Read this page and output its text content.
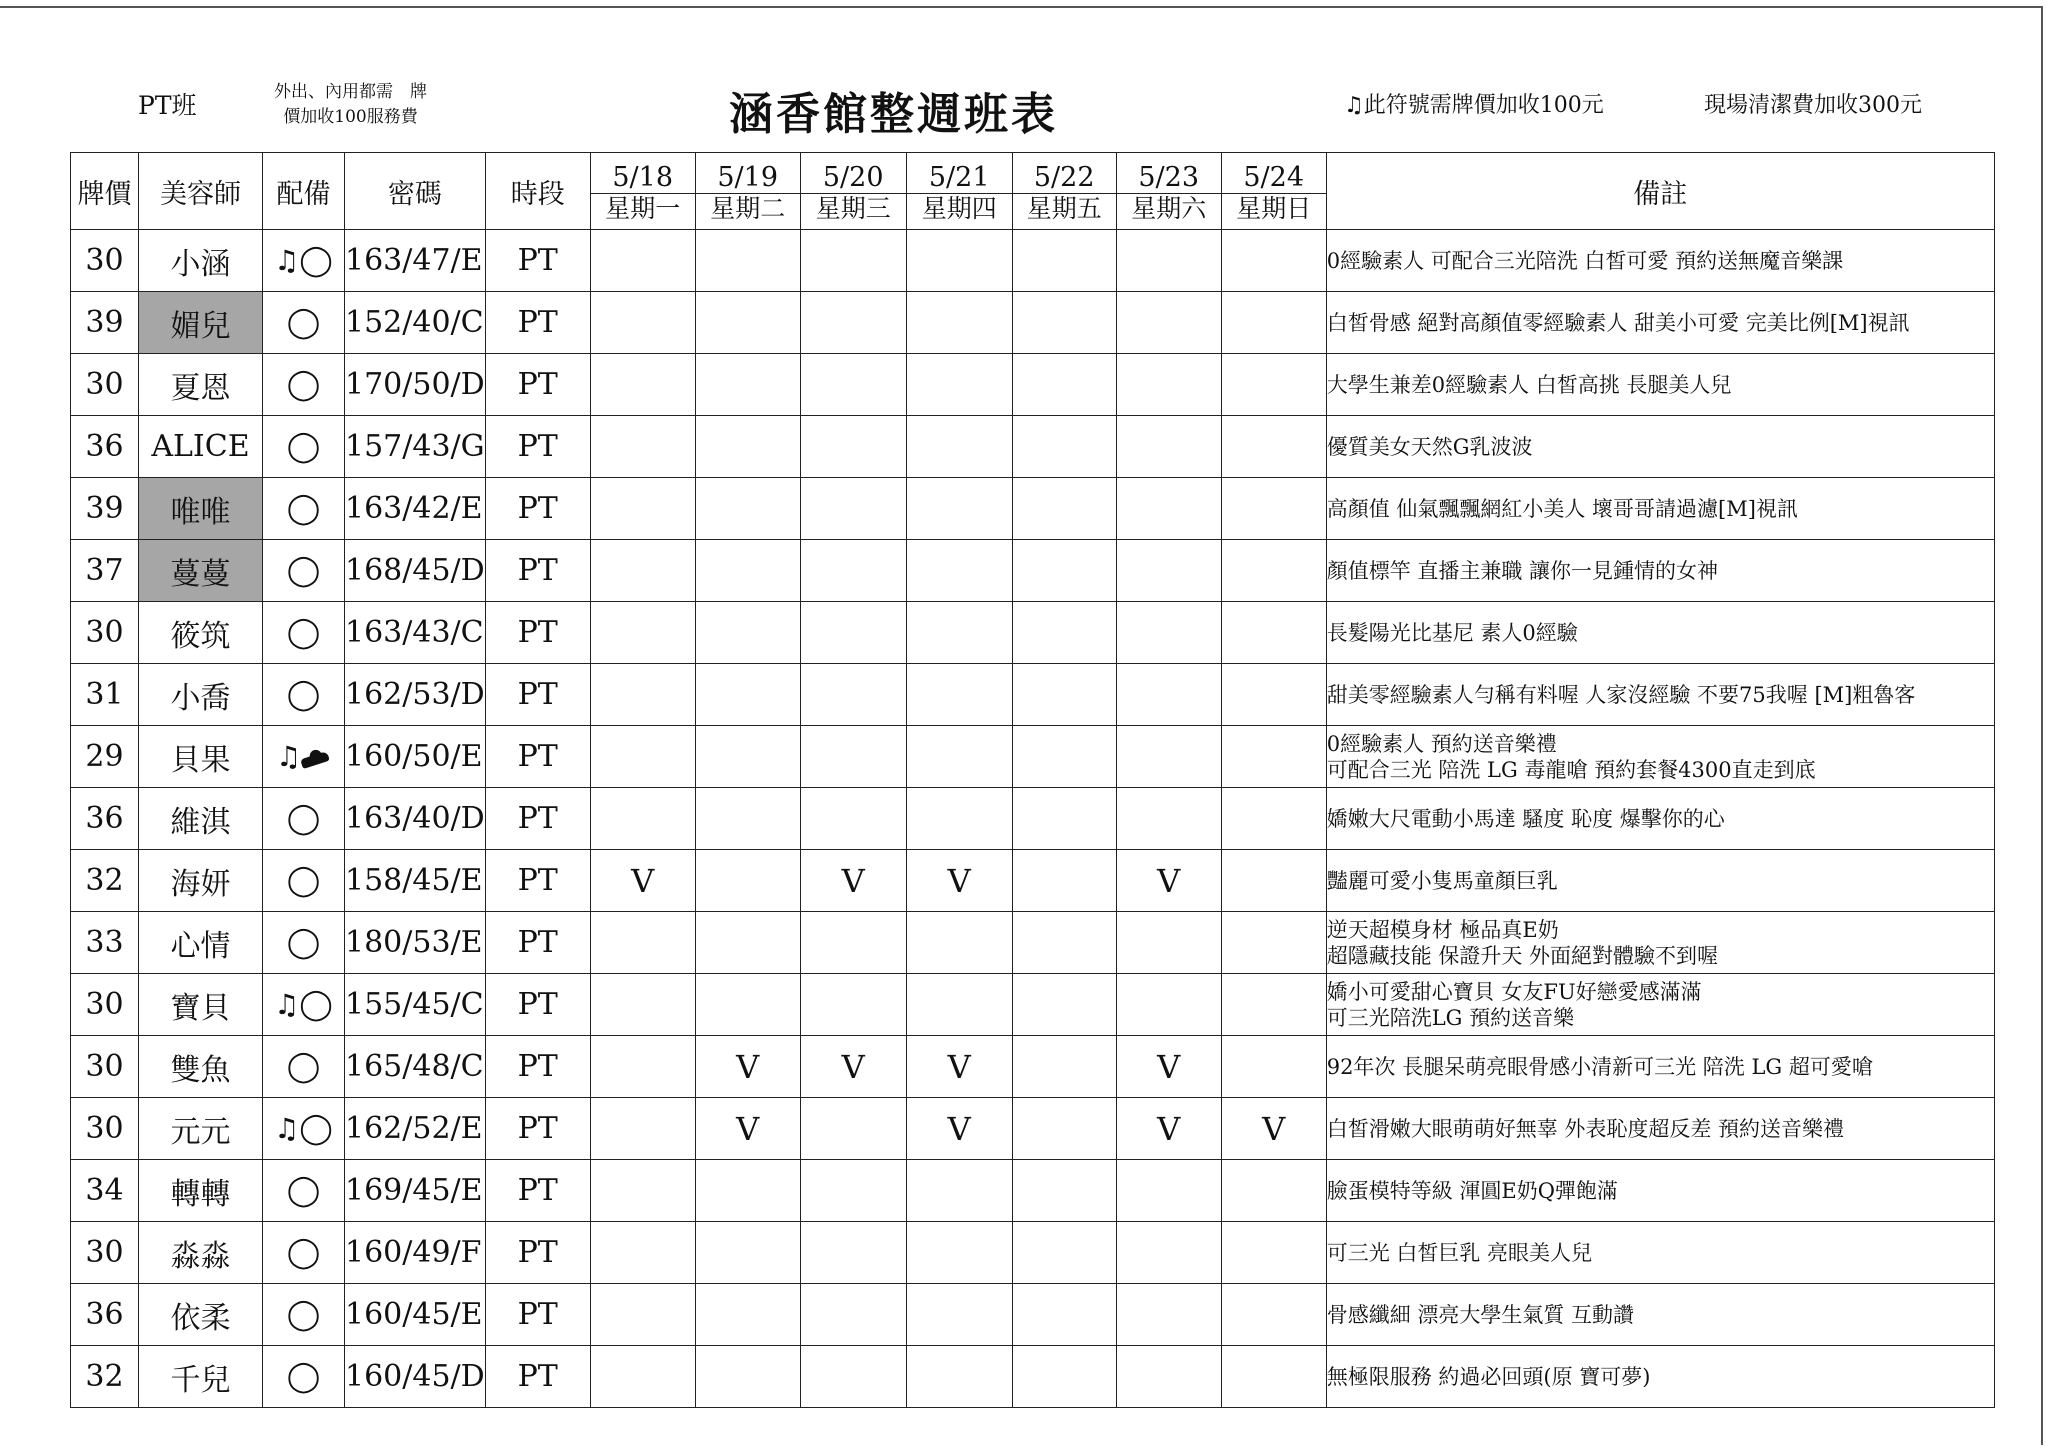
PT班	外出、內用都需　牌
價加收100服務費	涵香館整週班表	♫此符號需牌價加收100元	現場清潔費加收300元
牌價	美容師	配備	密碼	時段	5/18	5/19	5/20	5/21	5/22	5/23	5/24	備註
					星期一	星期二	星期三	星期四	星期五	星期六	星期日	
30	小涵	♫◯	163/47/E	PT								0經驗素人 可配合三光陪洗 白皙可愛 預約送無魔音樂課

39	媚兒	◯	152/40/C	PT								白皙骨感 絕對高顏值零經驗素人 甜美小可愛 完美比例[M]視訊

30	夏恩	◯	170/50/D	PT								大學生兼差0經驗素人 白皙高挑 長腿美人兒

36	ALICE	◯	157/43/G	PT								優質美女天然G乳波波

39	唯唯	◯	163/42/E	PT								高顏值 仙氣飄飄網紅小美人 壞哥哥請過濾[M]視訊

37	蔓蔓	◯	168/45/D	PT								顏值標竿 直播主兼職 讓你一見鍾情的女神

30	筱筑	◯	163/43/C	PT								長髮陽光比基尼 素人0經驗

31	小喬	◯	162/53/D	PT								甜美零經驗素人勻稱有料喔 人家沒經驗 不要75我喔 [M]粗魯客

29	貝果	♫	160/50/E	PT								0經驗素人 預約送音樂禮
可配合三光 陪洗 LG 毒龍嗆 預約套餐4300直走到底

36	維淇	◯	163/40/D	PT								嬌嫩大尺電動小馬達 騷度 恥度 爆擊你的心

32	海妍	◯	158/45/E	PT	V		V	V		V		豔麗可愛小隻馬童顏巨乳

33	心情	◯	180/53/E	PT								逆天超模身材 極品真E奶
超隱藏技能 保證升天 外面絕對體驗不到喔

30	寶貝	♫◯	155/45/C	PT								嬌小可愛甜心寶貝 女友FU好戀愛感滿滿
可三光陪洗LG 預約送音樂

30	雙魚	◯	165/48/C	PT		V	V	V		V		92年次 長腿呆萌亮眼骨感小清新可三光 陪洗 LG 超可愛嗆

30	元元	♫◯	162/52/E	PT		V		V		V	V	白皙滑嫩大眼萌萌好無辜 外表恥度超反差 預約送音樂禮

34	轉轉	◯	169/45/E	PT								臉蛋模特等級 渾圓E奶Q彈飽滿

30	淼淼	◯	160/49/F	PT								可三光 白皙巨乳 亮眼美人兒

36	依柔	◯	160/45/E	PT								骨感纖細 漂亮大學生氣質 互動讚

32	千兒	◯	160/45/D	PT								無極限服務 約過必回頭(原 寶可夢)
